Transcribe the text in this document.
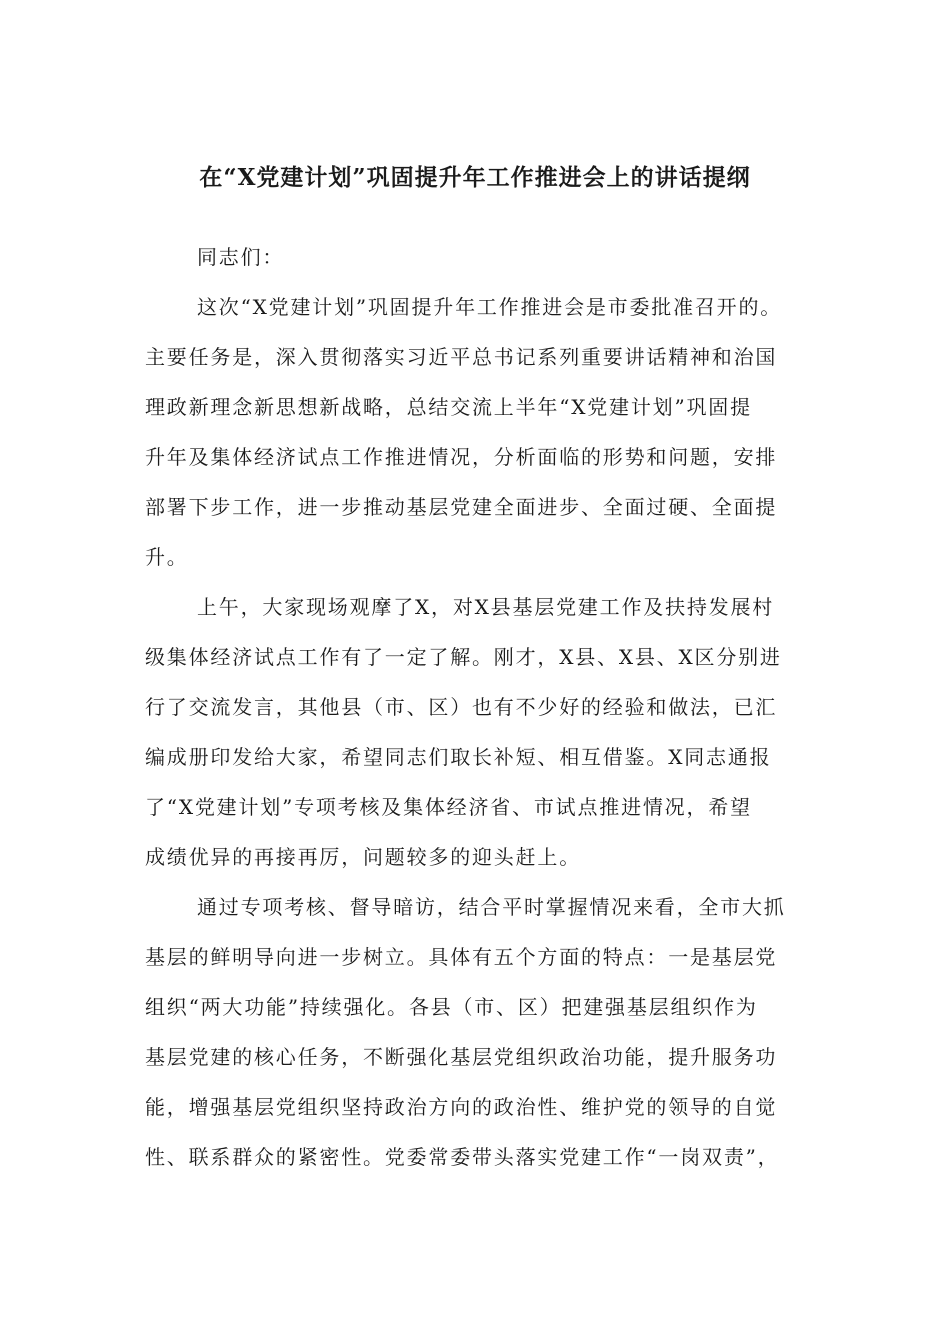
在“X党建计划”巩固提升年工作推进会上的讲话提纲
同志们：
这次“X党建计划”巩固提升年工作推进会是市委批准召开的。
主要任务是，深入贯彻落实习近平总书记系列重要讲话精神和治国
理政新理念新思想新战略，总结交流上半年“X党建计划”巩固提
升年及集体经济试点工作推进情况，分析面临的形势和问题，安排
部署下步工作，进一步推动基层党建全面进步、全面过硬、全面提
升。
上午，大家现场观摩了X，对X县基层党建工作及扶持发展村
级集体经济试点工作有了一定了解。刚才，X县、X县、X区分别进
行了交流发言，其他县（市、区）也有不少好的经验和做法，已汇
编成册印发给大家，希望同志们取长补短、相互借鉴。X同志通报
了“X党建计划”专项考核及集体经济省、市试点推进情况，希望
成绩优异的再接再厉，问题较多的迎头赶上。
通过专项考核、督导暗访，结合平时掌握情况来看，全市大抓
基层的鲜明导向进一步树立。具体有五个方面的特点：一是基层党
组织“两大功能”持续强化。各县（市、区）把建强基层组织作为
基层党建的核心任务，不断强化基层党组织政治功能，提升服务功
能，增强基层党组织坚持政治方向的政治性、维护党的领导的自觉
性、联系群众的紧密性。党委常委带头落实党建工作“一岗双责”，
